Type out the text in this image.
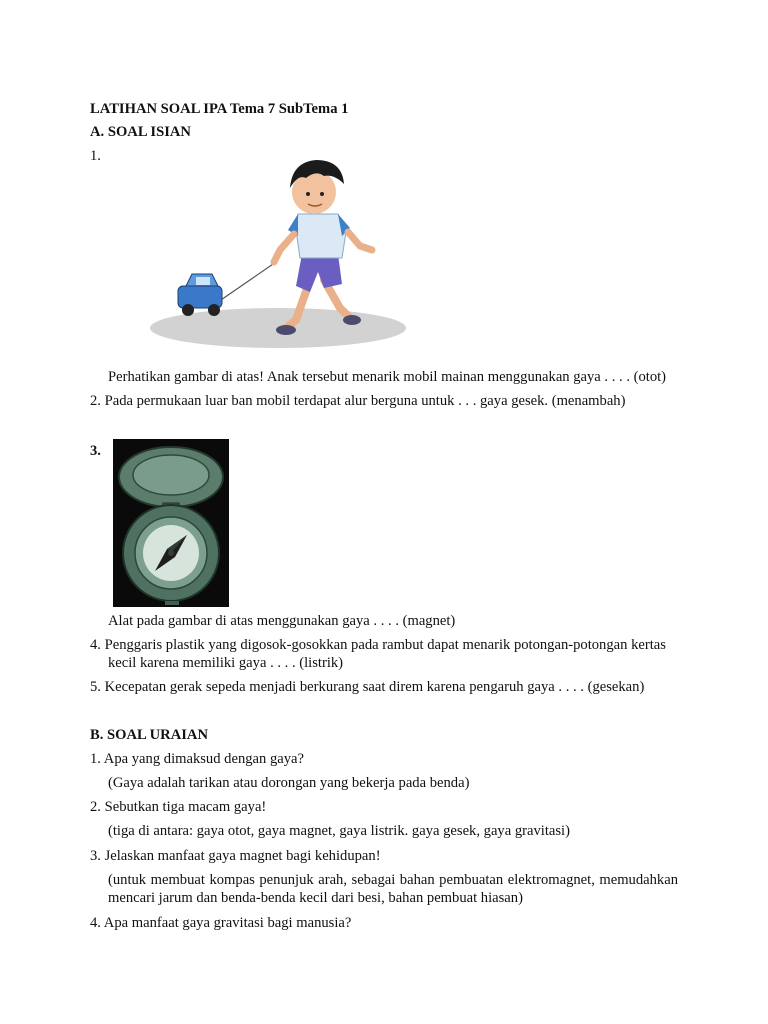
LATIHAN SOAL IPA Tema 7 SubTema 1
A. SOAL ISIAN
1.
Perhatikan gambar di atas! Anak tersebut menarik mobil mainan menggunakan gaya . . . . (otot)
2. Pada permukaan luar ban mobil terdapat alur berguna untuk . . . gaya gesek. (menambah)
3.
Alat pada gambar di atas menggunakan gaya . . . . (magnet)
4. Penggaris plastik yang digosok-gosokkan pada rambut dapat menarik potongan-potongan kertas
kecil karena memiliki gaya . . . . (listrik)
5. Kecepatan gerak sepeda menjadi berkurang saat direm karena pengaruh gaya . . . . (gesekan)
B. SOAL URAIAN
1. Apa yang dimaksud dengan gaya?
(Gaya adalah tarikan atau dorongan yang bekerja pada benda)
2. Sebutkan tiga macam gaya!
(tiga di antara: gaya otot, gaya magnet, gaya listrik. gaya gesek, gaya gravitasi)
3. Jelaskan manfaat gaya magnet bagi kehidupan!
(untuk membuat kompas penunjuk arah, sebagai bahan pembuatan elektromagnet, memudahkan mencari jarum dan benda-benda kecil dari besi, bahan pembuat hiasan)
4. Apa manfaat gaya gravitasi bagi manusia?
